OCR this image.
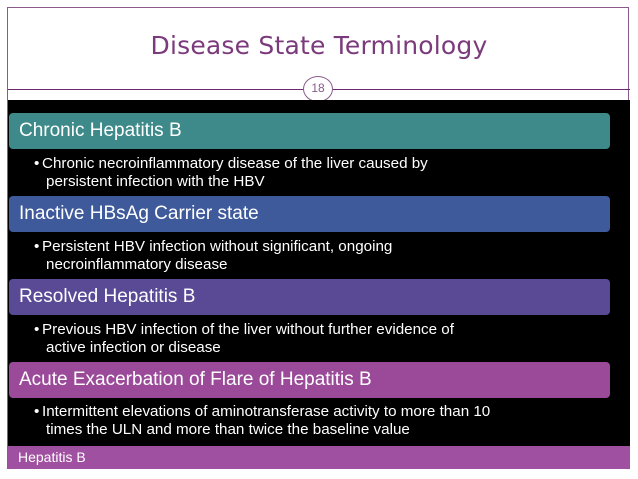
Disease State Terminology
18
Chronic Hepatitis B
• Chronic necroinflammatory disease of the liver caused by
persistent infection with the HBV
Inactive HBsAg Carrier state
• Persistent HBV infection without significant, ongoing
necroinflammatory disease
Resolved Hepatitis B
• Previous HBV infection of the liver without further evidence of
active infection or disease
Acute Exacerbation of Flare of Hepatitis B
• Intermittent elevations of aminotransferase activity to more than 10
times the ULN and more than twice the baseline value
Hepatitis B
